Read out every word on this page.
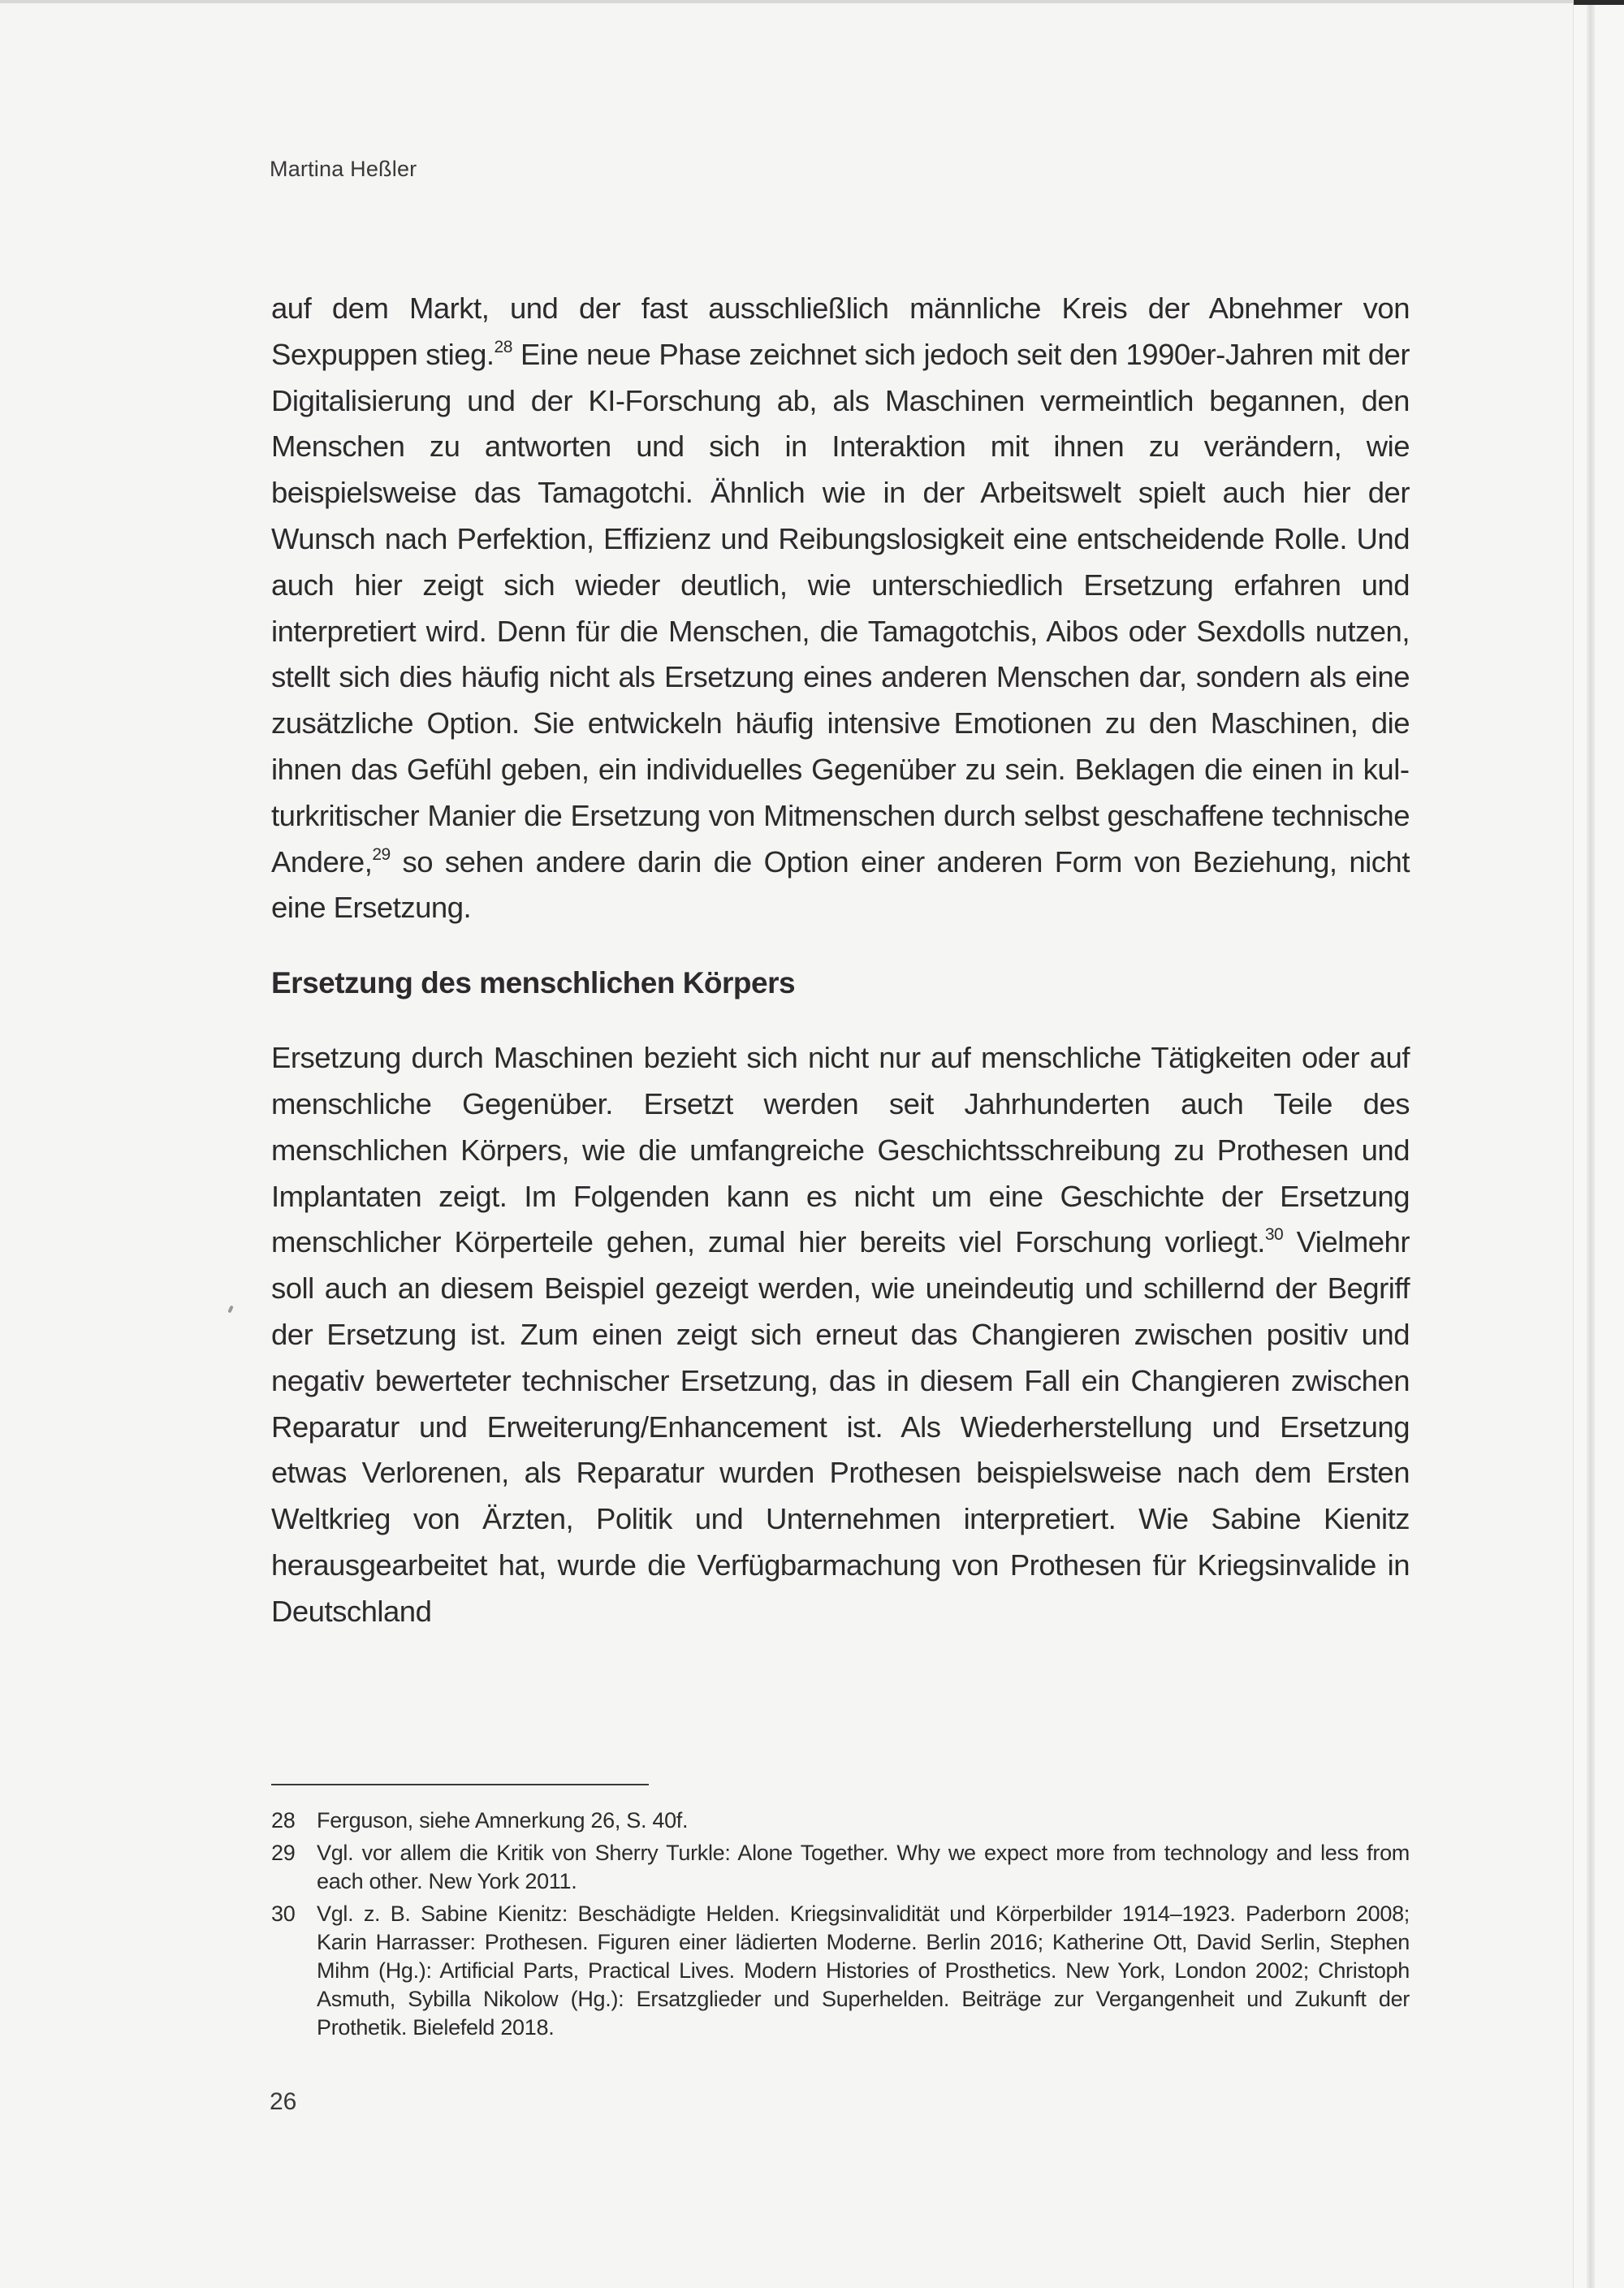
Martina Heßler

auf dem Markt, und der fast ausschließlich männliche Kreis der Abnehmer von Sexpuppen stieg.$^{28}$ Eine neue Phase zeichnet sich jedoch seit den 1990er-Jahren mit der Digitalisierung und der KI-Forschung ab, als Maschinen vermeintlich begannen, den Menschen zu antworten und sich in Interaktion mit ihnen zu verändern, wie beispielsweise das Tamagotchi. Ähnlich wie in der Arbeitswelt spielt auch hier der Wunsch nach Perfektion, Effizienz und Reibungslosigkeit eine entscheidende Rolle. Und auch hier zeigt sich wieder deutlich, wie unterschiedlich Ersetzung erfahren und interpretiert wird. Denn für die Menschen, die Tamagotchis, Aibos oder Sexdolls nutzen, stellt sich dies häufig nicht als Ersetzung eines anderen Menschen dar, sondern als eine zusätzliche Option. Sie entwickeln häufig intensive Emotionen zu den Maschinen, die ihnen das Gefühl geben, ein individuelles Gegenüber zu sein. Beklagen die einen in kulturkritischer Manier die Ersetzung von Mitmenschen durch selbst geschaffene technische Andere,$^{29}$ so sehen andere darin die Option einer anderen Form von Beziehung, nicht eine Ersetzung.

Ersetzung des menschlichen Körpers

Ersetzung durch Maschinen bezieht sich nicht nur auf menschliche Tätigkeiten oder auf menschliche Gegenüber. Ersetzt werden seit Jahrhunderten auch Teile des menschlichen Körpers, wie die umfangreiche Geschichtsschreibung zu Prothesen und Implantaten zeigt. Im Folgenden kann es nicht um eine Geschichte der Ersetzung menschlicher Körperteile gehen, zumal hier bereits viel Forschung vorliegt.$^{30}$ Vielmehr soll auch an diesem Beispiel gezeigt werden, wie uneindeutig und schillernd der Begriff der Ersetzung ist. Zum einen zeigt sich erneut das Changieren zwischen positiv und negativ bewerteter technischer Ersetzung, das in diesem Fall ein Changieren zwischen Reparatur und Erweiterung/Enhancement ist. Als Wiederherstellung und Ersetzung etwas Verlorenen, als Reparatur wurden Prothesen beispielsweise nach dem Ersten Weltkrieg von Ärzten, Politik und Unternehmen interpretiert. Wie Sabine Kienitz herausgearbeitet hat, wurde die Verfügbarmachung von Prothesen für Kriegsinvalide in Deutschland

28 Ferguson, siehe Amnerkung 26, S. 40f.
29 Vgl. vor allem die Kritik von Sherry Turkle: Alone Together. Why we expect more from technology and less from each other. New York 2011.
30 Vgl. z. B. Sabine Kienitz: Beschädigte Helden. Kriegsinvalidität und Körperbilder 1914–1923. Paderborn 2008; Karin Harrasser: Prothesen. Figuren einer lädierten Moderne. Berlin 2016; Katherine Ott, David Serlin, Stephen Mihm (Hg.): Artificial Parts, Practical Lives. Modern Histories of Prosthetics. New York, London 2002; Christoph Asmuth, Sybilla Nikolow (Hg.): Ersatzglieder und Superhelden. Beiträge zur Vergangenheit und Zukunft der Prothetik. Bielefeld 2018.
26
